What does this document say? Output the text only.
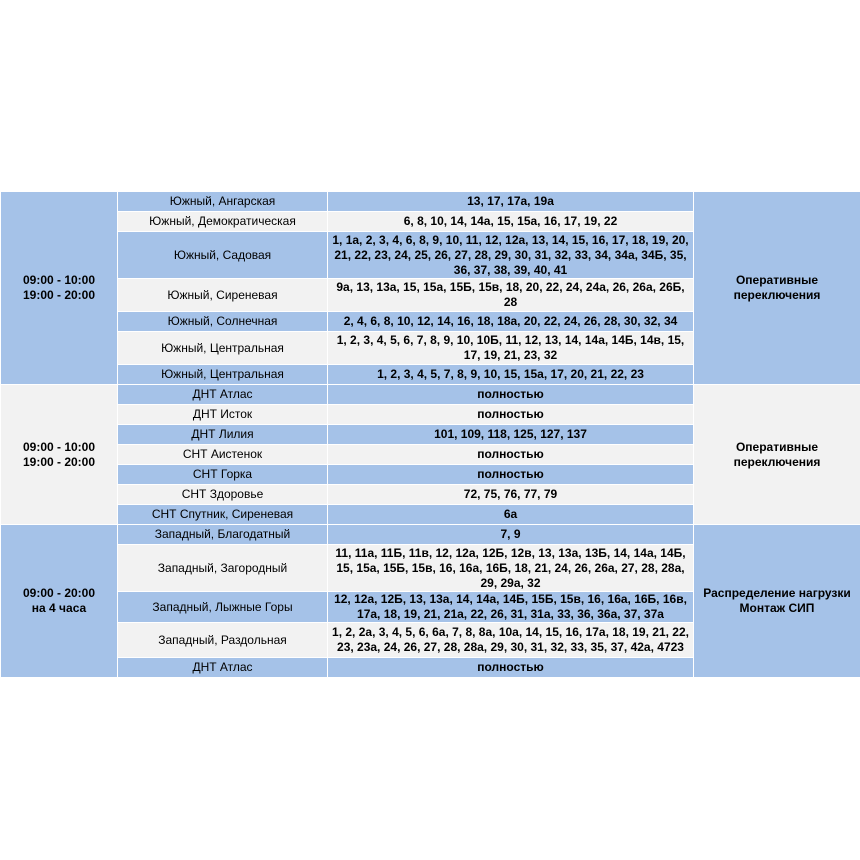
09:00 - 10:00
19:00 - 20:00	Южный, Ангарская	13, 17, 17а, 19а	Оперативные
переключения

	Южный, Демократическая	6, 8, 10, 14, 14а, 15, 15а, 16, 17, 19, 22	
	Южный, Садовая	1, 1а, 2, 3, 4, 6, 8, 9, 10, 11, 12, 12а, 13, 14, 15, 16, 17, 18, 19, 20, 21, 22, 23, 24, 25, 26, 27, 28, 29, 30, 31, 32, 33, 34, 34а, 34Б, 35, 36, 37, 38, 39, 40, 41	
	Южный, Сиреневая	9а, 13, 13а, 15, 15а, 15Б, 15в, 18, 20, 22, 24, 24а, 26, 26а, 26Б, 28	
	Южный, Солнечная	2, 4, 6, 8, 10, 12, 14, 16, 18, 18а, 20, 22, 24, 26, 28, 30, 32, 34	
	Южный, Центральная	1, 2, 3, 4, 5, 6, 7, 8, 9, 10, 10Б, 11, 12, 13, 14, 14а, 14Б, 14в, 15, 17, 19, 21, 23, 32	
	Южный, Центральная	1, 2, 3, 4, 5, 7, 8, 9, 10, 15, 15а, 17, 20, 21, 22, 23	

09:00 - 10:00
19:00 - 20:00	ДНТ Атлас	полностью	Оперативные
переключения

	ДНТ Исток	полностью	
	ДНТ Лилия	101, 109, 118, 125, 127, 137	
	СНТ Аистенок	полностью	
	СНТ Горка	полностью	
	СНТ Здоровье	72, 75, 76, 77, 79	
	СНТ Спутник, Сиреневая	6а	

09:00 - 20:00
на 4 часа	Западный, Благодатный	7, 9	Распределение нагрузки
Монтаж СИП

	Западный, Загородный	11, 11а, 11Б, 11в, 12, 12а, 12Б, 12в, 13, 13а, 13Б, 14, 14а, 14Б, 15, 15а, 15Б, 15в, 16, 16а, 16Б, 18, 21, 24, 26, 26а, 27, 28, 28а, 29, 29а, 32	
	Западный, Лыжные Горы	12, 12а, 12Б, 13, 13а, 14, 14а, 14Б, 15Б, 15в, 16, 16а, 16Б, 16в, 17а, 18, 19, 21, 21а, 22, 26, 31, 31а, 33, 36, 36а, 37, 37а	
	Западный, Раздольная	1, 2, 2а, 3, 4, 5, 6, 6а, 7, 8, 8а, 10а, 14, 15, 16, 17а, 18, 19, 21, 22, 23, 23а, 24, 26, 27, 28, 28а, 29, 30, 31, 32, 33, 35, 37, 42а, 4723	
	ДНТ Атлас	полностью	
